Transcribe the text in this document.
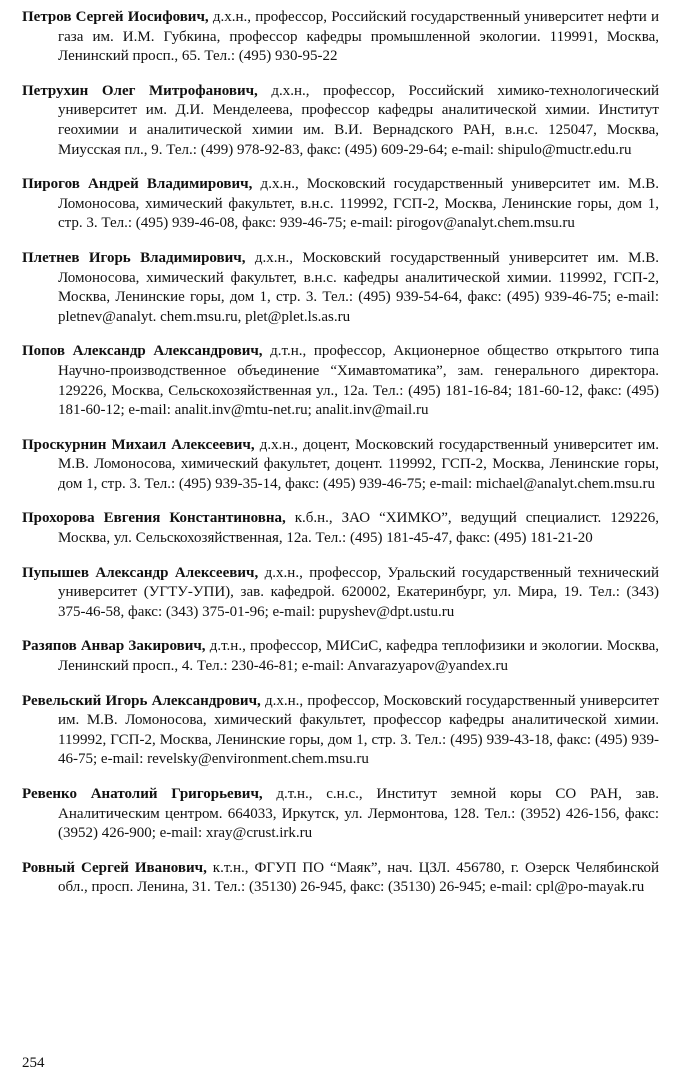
Петров Сергей Иосифович, д.х.н., профессор, Российский государственный университет нефти и газа им. И.М. Губкина, профессор кафедры промышленной экологии. 119991, Москва, Ленинский просп., 65. Тел.: (495) 930-95-22

Петрухин Олег Митрофанович, д.х.н., профессор, Российский химико-технологический университет им. Д.И. Менделеева, профессор кафедры аналитической химии. Институт геохимии и аналитической химии им. В.И. Вернадского РАН, в.н.с. 125047, Москва, Миусская пл., 9. Тел.: (499) 978-92-83, факс: (495) 609-29-64; e-mail: shipulo@muctr.edu.ru

Пирогов Андрей Владимирович, д.х.н., Московский государственный университет им. М.В. Ломоносова, химический факультет, в.н.с. 119992, ГСП-2, Москва, Ленинские горы, дом 1, стр. 3. Тел.: (495) 939-46-08, факс: 939-46-75; e-mail: pirogov@analyt.chem.msu.ru

Плетнев Игорь Владимирович, д.х.н., Московский государственный университет им. М.В. Ломоносова, химический факультет, в.н.с. кафедры аналитической химии. 119992, ГСП-2, Москва, Ленинские горы, дом 1, стр. 3. Тел.: (495) 939-54-64, факс: (495) 939-46-75; e-mail: pletnev@analyt. chem.msu.ru, plet@plet.ls.as.ru

Попов Александр Александрович, д.т.н., профессор, Акционерное общество открытого типа Научно-производственное объединение “Химавтоматика”, зам. генерального директора. 129226, Москва, Сельскохозяйственная ул., 12а. Тел.: (495) 181-16-84; 181-60-12, факс: (495) 181-60-12; e-mail: analit.inv@mtu-net.ru; analit.inv@mail.ru

Проскурнин Михаил Алексеевич, д.х.н., доцент, Московский государственный университет им. М.В. Ломоносова, химический факультет, доцент. 119992, ГСП-2, Москва, Ленинские горы, дом 1, стр. 3. Тел.: (495) 939-35-14, факс: (495) 939-46-75; e-mail: michael@analyt.chem.msu.ru

Прохорова Евгения Константиновна, к.б.н., ЗАО “ХИМКО”, ведущий специалист. 129226, Москва, ул. Сельскохозяйственная, 12а. Тел.: (495) 181-45-47, факс: (495) 181-21-20

Пупышев Александр Алексеевич, д.х.н., профессор, Уральский государственный технический университет (УГТУ-УПИ), зав. кафедрой. 620002, Екатеринбург, ул. Мира, 19. Тел.: (343) 375-46-58, факс: (343) 375-01-96; e-mail: pupyshev@dpt.ustu.ru

Разяпов Анвар Закирович, д.т.н., профессор, МИСиС, кафедра теплофизики и экологии. Москва, Ленинский просп., 4. Тел.: 230-46-81; e-mail: Anvarazyapov@yandex.ru

Ревельский Игорь Александрович, д.х.н., профессор, Московский государственный университет им. М.В. Ломоносова, химический факультет, профессор кафедры аналитической химии. 119992, ГСП-2, Москва, Ленинские горы, дом 1, стр. 3. Тел.: (495) 939-43-18, факс: (495) 939-46-75; e-mail: revelsky@environment.chem.msu.ru

Ревенко Анатолий Григорьевич, д.т.н., с.н.с., Институт земной коры СО РАН, зав. Аналитическим центром. 664033, Иркутск, ул. Лермонтова, 128. Тел.: (3952) 426-156, факс: (3952) 426-900; e-mail: xray@crust.irk.ru

Ровный Сергей Иванович, к.т.н., ФГУП ПО “Маяк”, нач. ЦЗЛ. 456780, г. Озерск Челябинской обл., просп. Ленина, 31. Тел.: (35130) 26-945, факс: (35130) 26-945; e-mail: cpl@po-mayak.ru

254
